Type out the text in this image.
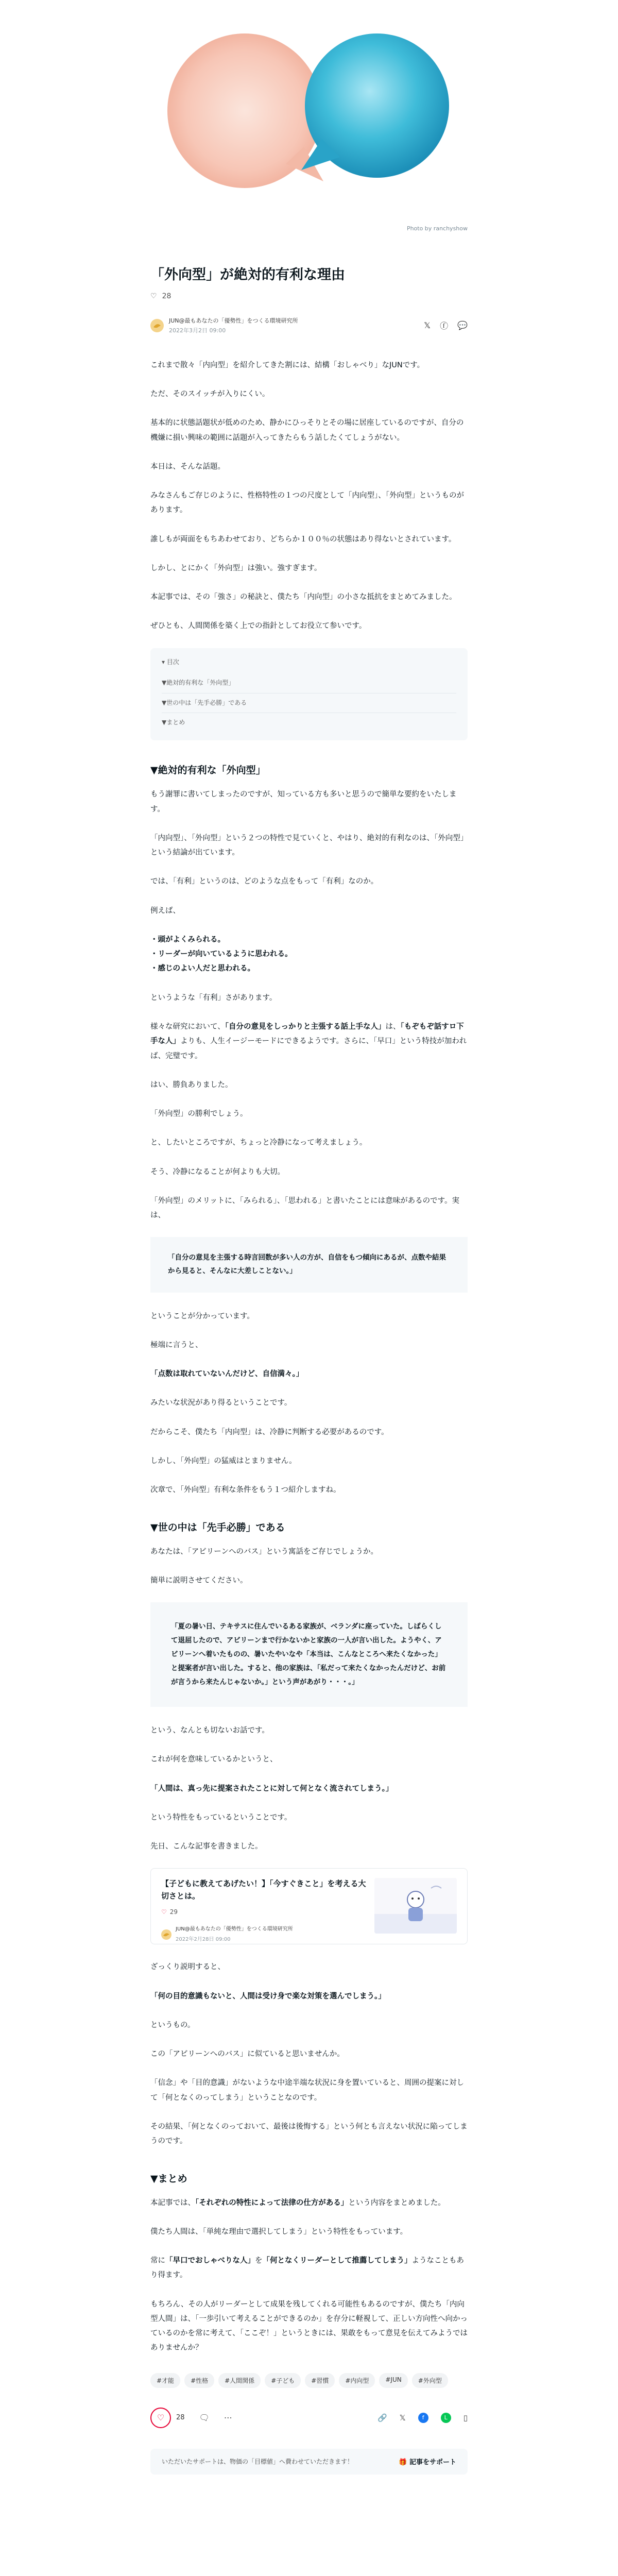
Photo by ranchyshow
「外向型」が絶対的有利な理由
♡ 28
JUN@最もあなたの「優勢性」をつくる環境研究所
2022年3月2日 09:00
𝕏 ⓕ 💬

これまで散々「内向型」を紹介してきた割には、結構「おしゃべり」なJUNです。

ただ、そのスイッチが入りにくい。

基本的に状態話題状が低めのため、静かにひっそりとその場に居座しているのですが、自分の機嫌に損い興味の範囲に話題が入ってきたらもう話したくてしょうがない。

本日は、そんな話題。

みなさんもご存じのように、性格特性の１つの尺度として「内向型」、「外向型」というものがあります。

誰しもが両面をもちあわせており、どちらか１００％の状態はあり得ないとされています。

しかし、とにかく「外向型」は強い。強すぎます。

本記事では、その「強さ」の秘訣と、僕たち「内向型」の小さな抵抗をまとめてみました。

ぜひとも、人間関係を築く上での指針としてお役立て参いです。

▾ 目次
▼絶対的有利な「外向型」
▼世の中は「先手必勝」である
▼まとめ
▼絶対的有利な「外向型」

もう謝罪に書いてしまったのですが、知っている方も多いと思うので簡単な要約をいたします。

「内向型」、「外向型」という２つの特性で見ていくと、やはり、絶対的有利なのは、「外向型」という結論が出ています。

では、「有利」というのは、どのような点をもって「有利」なのか。

例えば、

・頭がよくみられる。
・リーダーが向いているように思われる。
・感じのよい人だと思われる。

というような「有利」さがあります。

様々な研究において、「自分の意見をしっかりと主張する話上手な人」は、「もぞもぞ話すロ下手な人」よりも、人生イージーモードにできるようです。さらに、「早口」という特技が加われば、完璧です。

はい、勝負ありました。

「外向型」の勝利でしょう。

と、したいところですが、ちょっと冷静になって考えましょう。

そう、冷静になることが何よりも大切。

「外向型」のメリットに、「みられる」、「思われる」と書いたことには意味があるのです。実は、

「自分の意見を主張する時言回数が多い人の方が、自信をもつ傾向にあるが、点数や結果から見ると、そんなに大差しことない。」

ということが分かっています。

極端に言うと、

「点数は取れていないんだけど、自信満々。」

みたいな状況があり得るということです。

だからこそ、僕たち「内向型」は、冷静に判断する必要があるのです。

しかし、「外向型」の猛威はとまりません。

次章で、「外向型」有利な条件をもう１つ紹介しますね。

▼世の中は「先手必勝」である

あなたは、「アビリーンへのバス」という寓話をご存じでしょうか。

簡単に説明させてください。

「夏の暑い日、テキサスに住んでいるある家族が、ベランダに座っていた。しばらくして退屈したので、アビリーンまで行かないかと家族の一人が言い出した。ようやく、アビリーンへ着いたものの、暑いたやいなや「本当は、こんなところへ来たくなかった」と提案者が言い出した。すると、他の家族は、「私だって来たくなかったんだけど、お前が言うから来たんじゃないか。」という声があがり・・・。」

という、なんとも切ないお話です。

これが何を意味しているかというと、

「人間は、真っ先に提案されたことに対して何となく流されてしまう。」

という特性をもっているということです。

先日、こんな記事を書きました。

【子どもに教えてあげたい！】「今すぐきこと」を考える大切さとは。
♡ 29
JUN@最もあなたの「優勢性」をつくる環境研究所
2022年2月28日 09:00

ざっくり説明すると、

「何の目的意識もないと、人間は受け身で楽な対策を選んでしまう。」

というもの。

この「アビリーンへのバス」に似ていると思いませんか。

「信念」や「目的意識」がないような中途半端な状況に身を置いていると、周囲の提案に対して「何となくのってしまう」ということなのです。

その結果、「何となくのっておいて、最後は後悔する」という何とも言えない状況に陥ってしまうのです。

▼まとめ

本記事では、「それぞれの特性によって法律の仕方がある」という内容をまとめました。

僕たち人間は、「単純な理由で選択してしまう」という特性をもっています。

常に「早口でおしゃべりな人」を「何となくリーダーとして推薦してしまう」ようなこともあり得ます。

もちろん、その人がリーダーとして成果を残してくれる可能性もあるのですが、僕たち「内向型人間」は、「一歩引いて考えることができるのか」を存分に軽視して、正しい方向性へ向かっているのかを常に考えて、「ここぞ！」というときには、果敢をもって意見を伝えてみようではありませんか？

#才能	#性格	#人間関係	#子ども	#習慣	#内向型	#JUN	#外向型
♡ 28 🗨 ⋯	🔗 𝕏	f	L	▯
いただいたサポートは、物価の「目標値」へ費わせていただきます！	🎁 記事をサポート
